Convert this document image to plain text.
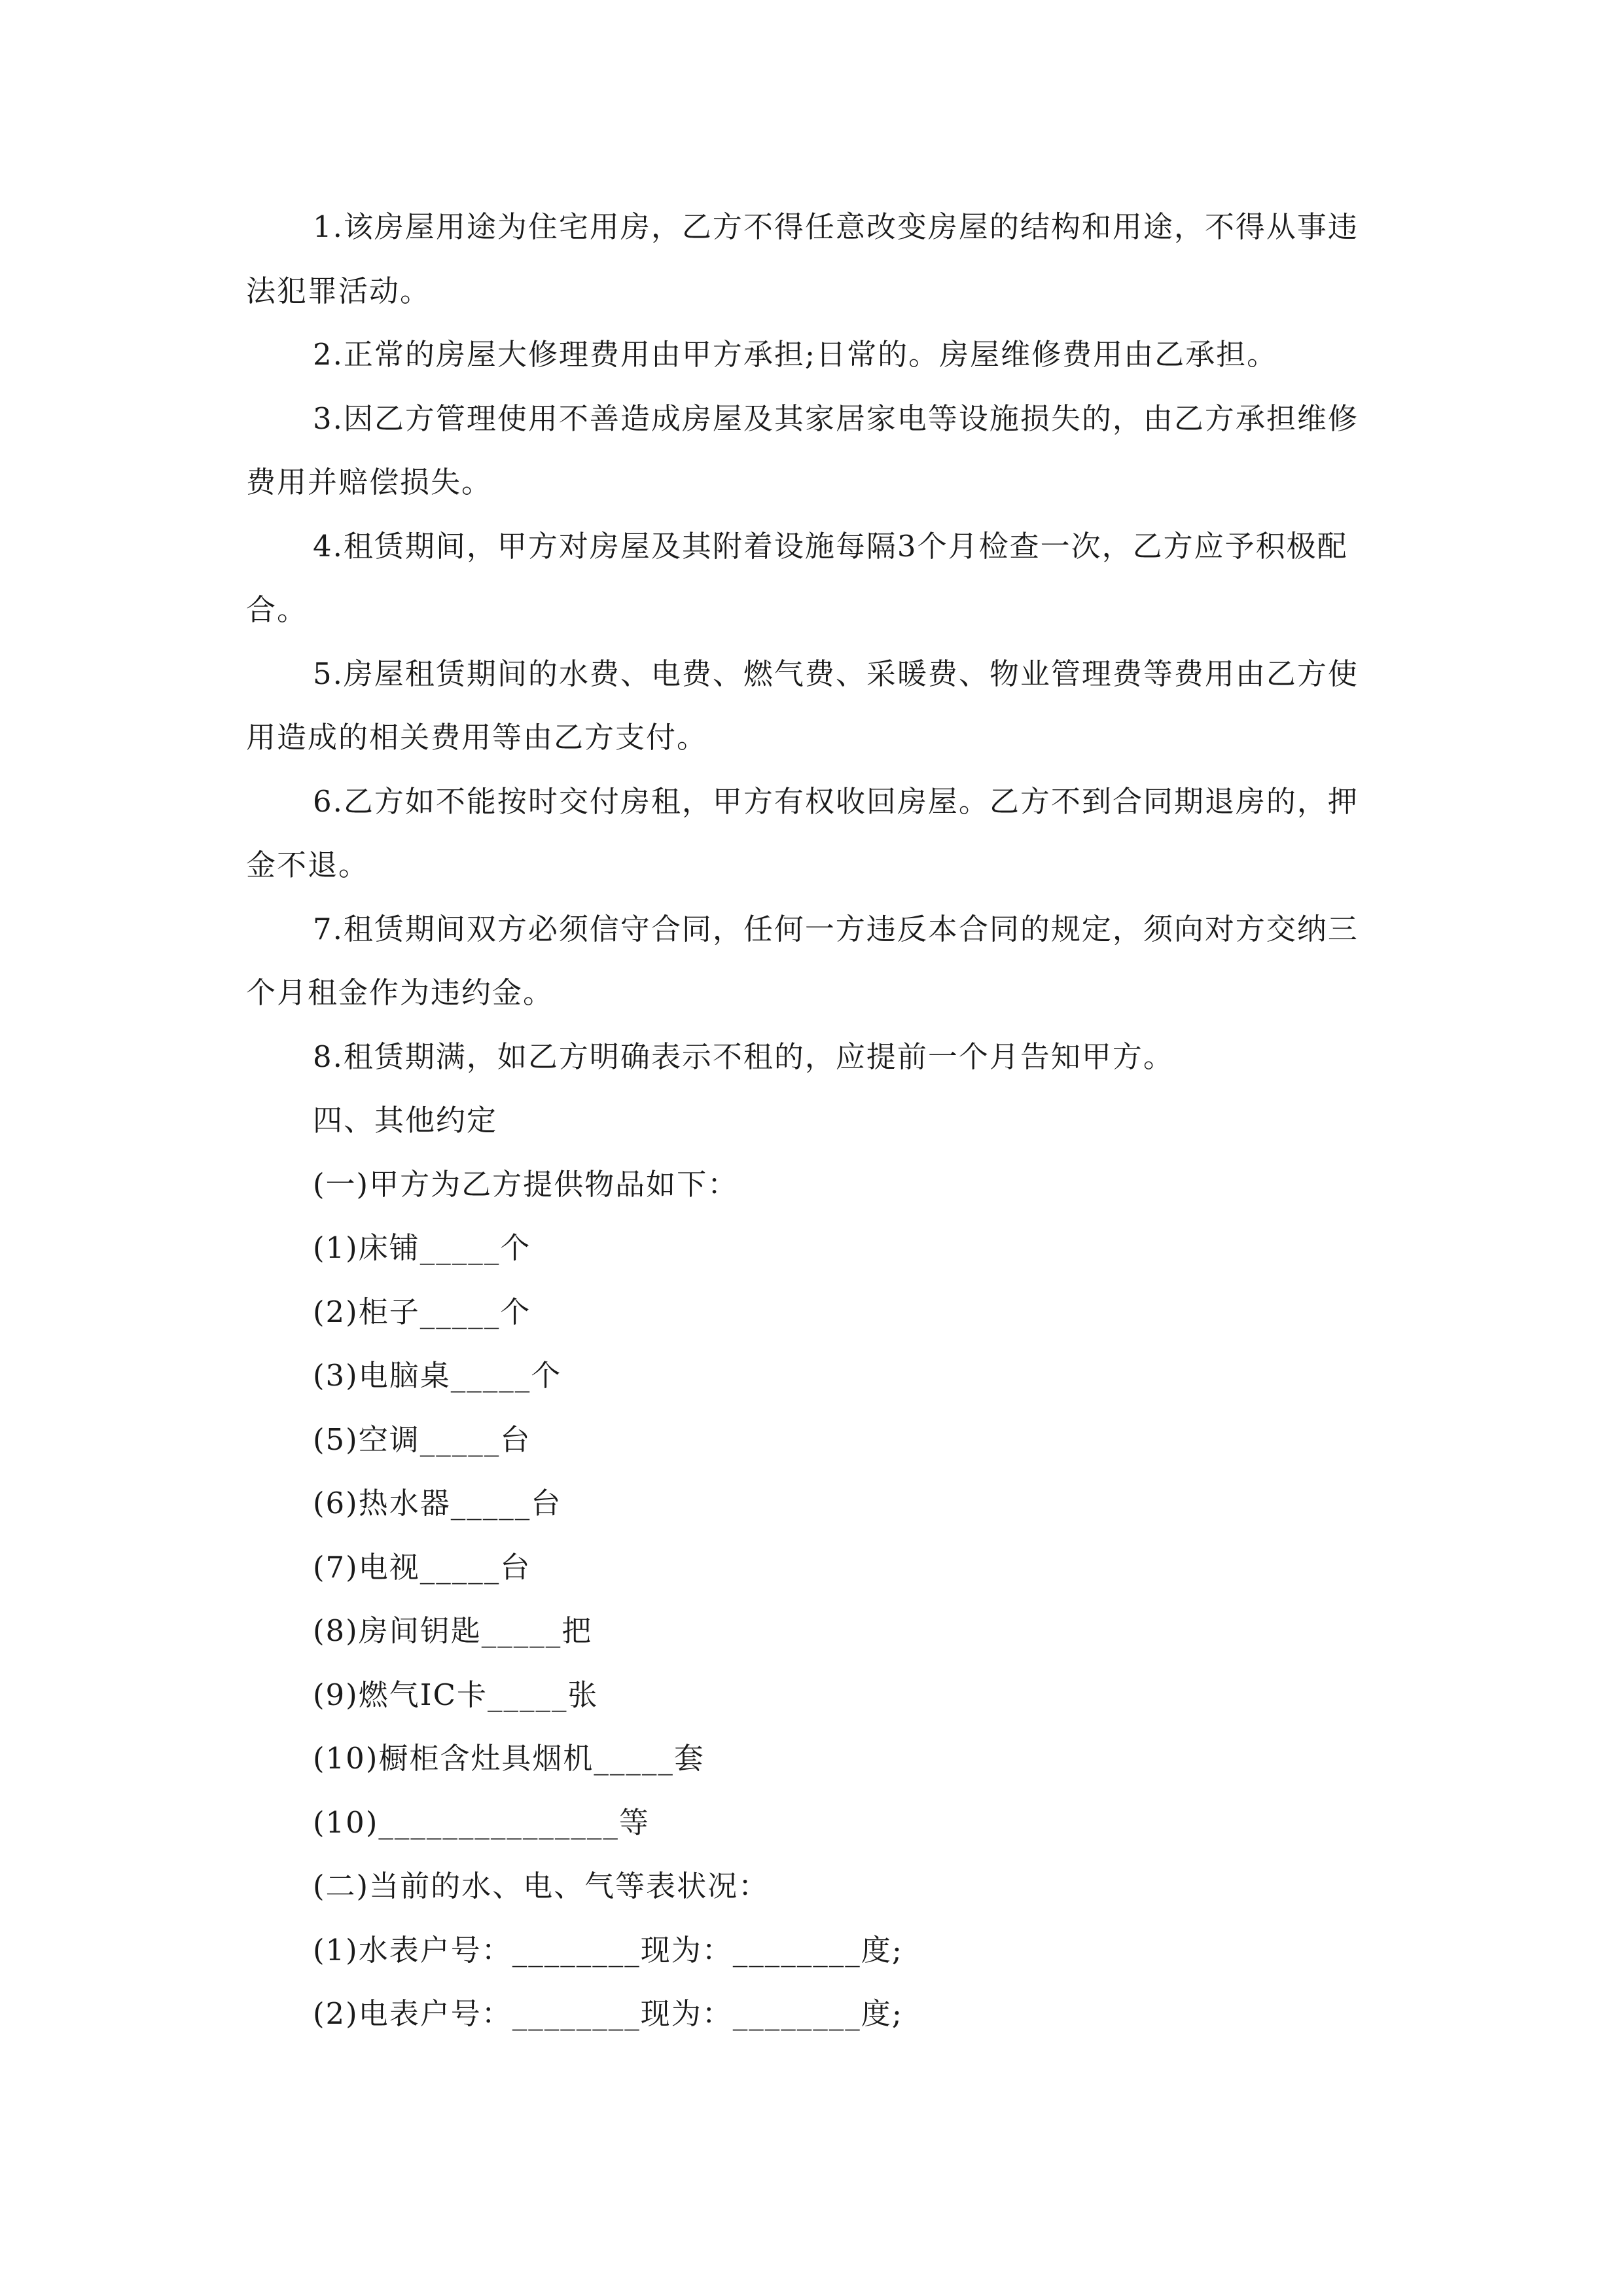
1.该房屋用途为住宅用房，乙方不得任意改变房屋的结构和用途，不得从事违法犯罪活动。

2.正常的房屋大修理费用由甲方承担;日常的。房屋维修费用由乙承担。

3.因乙方管理使用不善造成房屋及其家居家电等设施损失的，由乙方承担维修费用并赔偿损失。

4.租赁期间，甲方对房屋及其附着设施每隔3个月检查一次，乙方应予积极配合。

5.房屋租赁期间的水费、电费、燃气费、采暖费、物业管理费等费用由乙方使用造成的相关费用等由乙方支付。

6.乙方如不能按时交付房租，甲方有权收回房屋。乙方不到合同期退房的，押金不退。

7.租赁期间双方必须信守合同，任何一方违反本合同的规定，须向对方交纳三个月租金作为违约金。

8.租赁期满，如乙方明确表示不租的，应提前一个月告知甲方。

四、其他约定

(一)甲方为乙方提供物品如下：

(1)床铺_____个

(2)柜子_____个

(3)电脑桌_____个

(5)空调_____台

(6)热水器_____台

(7)电视_____台

(8)房间钥匙_____把

(9)燃气IC卡_____张

(10)橱柜含灶具烟机_____套

(10)_______________等

(二)当前的水、电、气等表状况：

(1)水表户号：________现为：________度;

(2)电表户号：________现为：________度;
